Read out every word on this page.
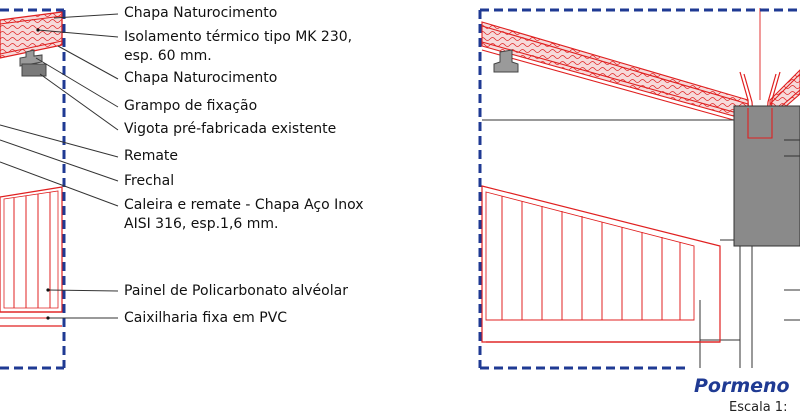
Chapa Naturocimento

Isolamento térmico tipo MK 230,

esp. 60 mm.

Chapa Naturocimento

Grampo de fixação

Vigota pré-fabricada existente

Remate

Frechal

Caleira e remate - Chapa Aço Inox

AISI 316, esp.1,6 mm.

Painel de Policarbonato alvéolar

Caixilharia fixa em PVC

Pormeno

Escala 1:
